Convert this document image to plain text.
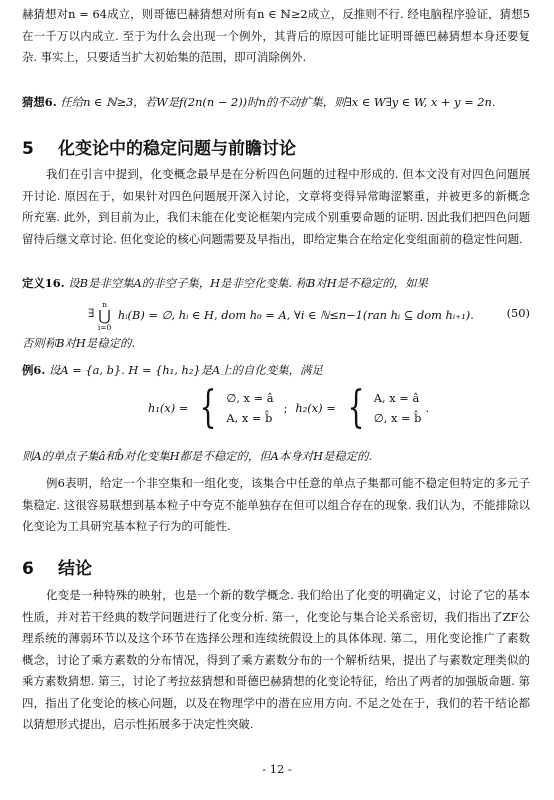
赫猜想对n = 64成立，则哥德巴赫猜想对所有n ∈ ℕ≥2成立，反推则不行. 经电脑程序验证，猜想5在一千万以内成立. 至于为什么会出现一个例外，其背后的原因可能比证明哥德巴赫猜想本身还要复杂. 事实上，只要适当扩大初始集的范围，即可消除例外.

猜想6. 任给n ∈ ℕ≥3，若W是f(2n(n − 2))时n的不动扩集，则∃x ∈ W∃y ∈ W, x + y = 2n.

5 化变论中的稳定问题与前瞻讨论

我们在引言中提到，化变概念最早是在分析四色问题的过程中形成的. 但本文没有对四色问题展开讨论. 原因在于，如果针对四色问题展开深入讨论，文章将变得异常晦涩繁重，并被更多的新概念所充塞. 此外，到目前为止，我们未能在化变论框架内完成个别重要命题的证明. 因此我们把四色问题留待后继文章讨论. 但化变论的核心问题需要及早指出，即给定集合在给定化变组面前的稳定性问题.

定义16. 设B是非空集A的非空子集，H是非空化变集. 称B对H是不稳定的，如果

∃
n
⋃
i=0
hᵢ(B) = ∅, hᵢ ∈ H, dom h₀ = A, ∀i ∈ ℕ≤n−1(ran hᵢ ⊆ dom hᵢ₊₁).	(50)

否则称B对H是稳定的.

例6. 设A = {a, b}. H = {h₁, h₂}是A上的自化变集，满足

h₁(x) = { ∅, x = â
A, x = b̂
; h₂(x) = { A, x = â
∅, x = b̂
.

则A的单点子集â和b̂对化变集H都是不稳定的，但A本身对H是稳定的.

例6表明，给定一个非空集和一组化变，该集合中任意的单点子集都可能不稳定但特定的多元子集稳定. 这很容易联想到基本粒子中夸克不能单独存在但可以组合存在的现象. 我们认为，不能排除以化变论为工具研究基本粒子行为的可能性.

6 结论

化变是一种特殊的映射，也是一个新的数学概念. 我们给出了化变的明确定义，讨论了它的基本性质，并对若干经典的数学问题进行了化变分析. 第一，化变论与集合论关系密切，我们指出了ZF公理系统的薄弱环节以及这个环节在选择公理和连续统假设上的具体体现. 第二，用化变论推广了素数概念，讨论了乘方素数的分布情况，得到了乘方素数分布的一个解析结果，提出了与素数定理类似的乘方素数猜想. 第三，讨论了考拉兹猜想和哥德巴赫猜想的化变论特征，给出了两者的加强版命题. 第四，指出了化变论的核心问题，以及在物理学中的潜在应用方向. 不足之处在于，我们的若干结论都以猜想形式提出，启示性拓展多于决定性突破.

- 12 -
